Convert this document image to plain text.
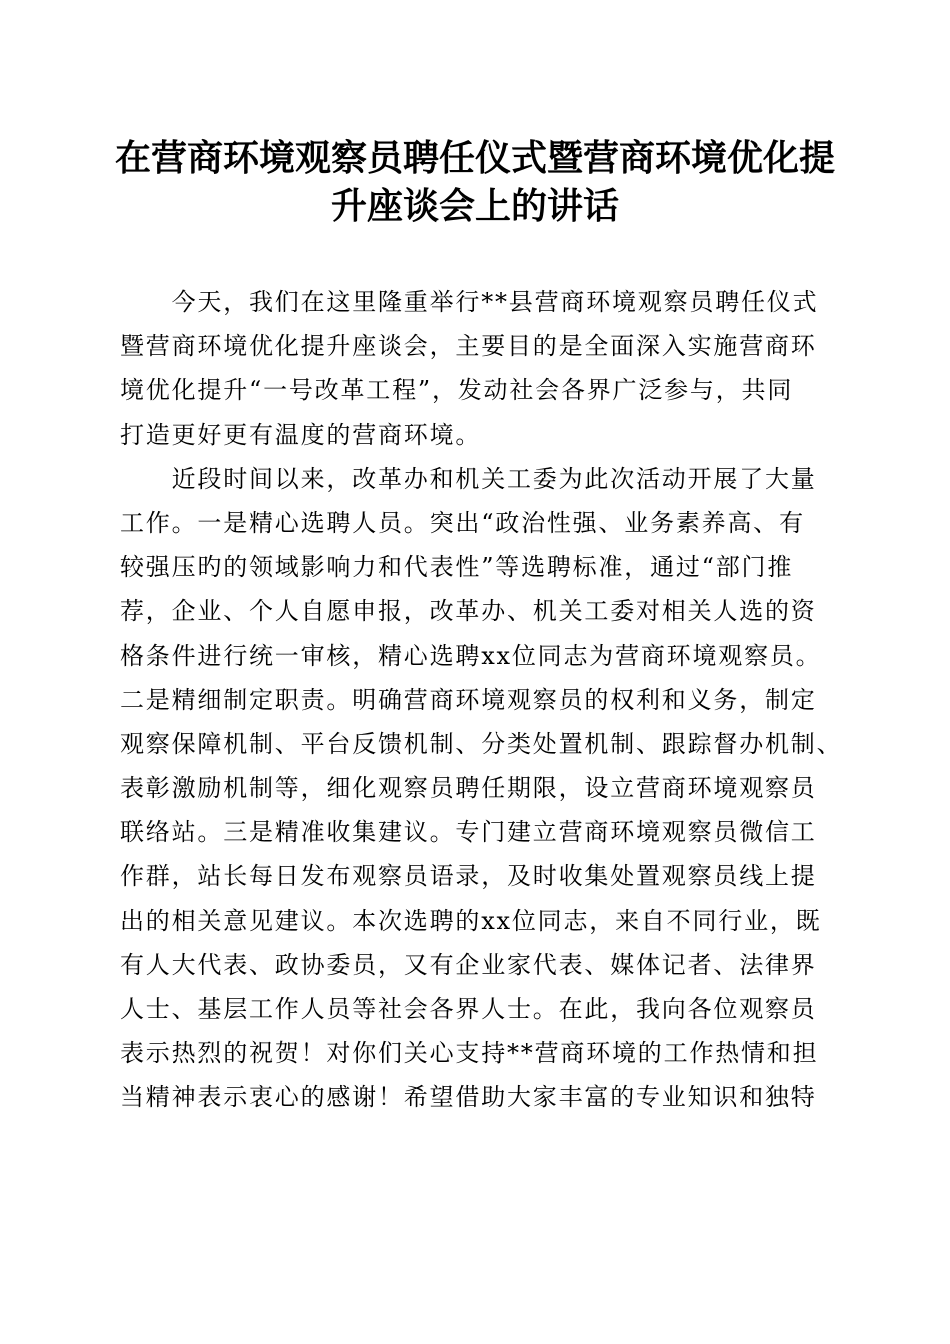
在营商环境观察员聘任仪式暨营商环境优化提
升座谈会上的讲话
　　今天，我们在这里隆重举行**县营商环境观察员聘任仪式
暨营商环境优化提升座谈会，主要目的是全面深入实施营商环
境优化提升“一号改革工程”，发动社会各界广泛参与，共同
打造更好更有温度的营商环境。
　　近段时间以来，改革办和机关工委为此次活动开展了大量
工作。一是精心选聘人员。突出“政治性强、业务素养高、有
较强压旳的领域影响力和代表性”等选聘标准，通过“部门推
荐，企业、个人自愿申报，改革办、机关工委对相关人选的资
格条件进行统一审核，精心选聘xx位同志为营商环境观察员。
二是精细制定职责。明确营商环境观察员的权利和义务，制定
观察保障机制、平台反馈机制、分类处置机制、跟踪督办机制、
表彰激励机制等，细化观察员聘任期限，设立营商环境观察员
联络站。三是精准收集建议。专门建立营商环境观察员微信工
作群，站长每日发布观察员语录，及时收集处置观察员线上提
出的相关意见建议。本次选聘的xx位同志，来自不同行业，既
有人大代表、政协委员，又有企业家代表、媒体记者、法律界
人士、基层工作人员等社会各界人士。在此，我向各位观察员
表示热烈的祝贺！对你们关心支持**营商环境的工作热情和担
当精神表示衷心的感谢！希望借助大家丰富的专业知识和独特
